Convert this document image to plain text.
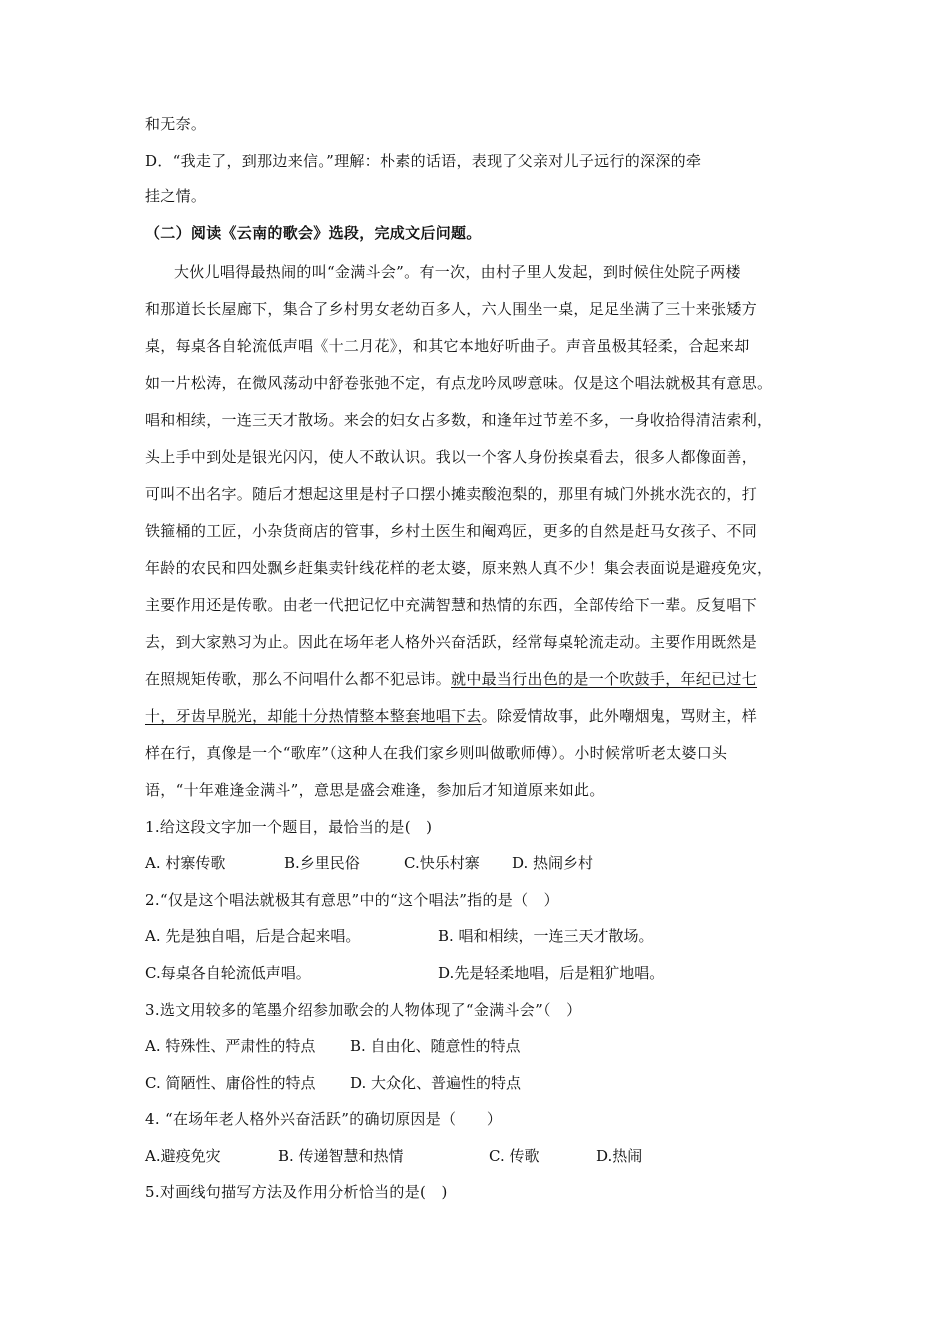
和无奈。
D．“我走了，到那边来信。”理解：朴素的话语，表现了父亲对儿子远行的深深的牵
挂之情。
（二）阅读《云南的歌会》选段，完成文后问题。
大伙儿唱得最热闹的叫“金满斗会”。有一次，由村子里人发起，到时候住处院子两楼
和那道长长屋廊下，集合了乡村男女老幼百多人，六人围坐一桌，足足坐满了三十来张矮方
桌，每桌各自轮流低声唱《十二月花》，和其它本地好听曲子。声音虽极其轻柔，合起来却
如一片松涛，在微风荡动中舒卷张弛不定，有点龙吟凤哕意味。仅是这个唱法就极其有意思。
唱和相续，一连三天才散场。来会的妇女占多数，和逢年过节差不多，一身收拾得清洁索利，
头上手中到处是银光闪闪，使人不敢认识。我以一个客人身份挨桌看去，很多人都像面善，
可叫不出名字。随后才想起这里是村子口摆小摊卖酸泡梨的，那里有城门外挑水洗衣的，打
铁箍桶的工匠，小杂货商店的管事，乡村土医生和阉鸡匠，更多的自然是赶马女孩子、不同
年龄的农民和四处飘乡赶集卖针线花样的老太婆，原来熟人真不少！集会表面说是避疫免灾，
主要作用还是传歌。由老一代把记忆中充满智慧和热情的东西，全部传给下一辈。反复唱下
去，到大家熟习为止。因此在场年老人格外兴奋活跃，经常每桌轮流走动。主要作用既然是
在照规矩传歌，那么不问唱什么都不犯忌讳。就中最当行出色的是一个吹鼓手，年纪已过七
十，牙齿早脱光，却能十分热情整本整套地唱下去。除爱情故事，此外嘲烟鬼，骂财主，样
样在行，真像是一个“歌库”（这种人在我们家乡则叫做歌师傅）。小时候常听老太婆口头
语，“十年难逢金满斗”，意思是盛会难逢，参加后才知道原来如此。
1.给这段文字加一个题目，最恰当的是(　)
A. 村寨传歌	B.乡里民俗	C.快乐村寨 D. 热闹乡村
2.“仅是这个唱法就极其有意思”中的“这个唱法”指的是（　）
A. 先是独自唱，后是合起来唱。	B. 唱和相续，一连三天才散场。
C.每桌各自轮流低声唱。	D.先是轻柔地唱，后是粗犷地唱。
3.选文用较多的笔墨介绍参加歌会的人物体现了“金满斗会”（　）
A. 特殊性、严肃性的特点 B. 自由化、随意性的特点
C. 简陋性、庸俗性的特点 D. 大众化、普遍性的特点
4. “在场年老人格外兴奋活跃”的确切原因是（　　）
A.避疫免灾	B. 传递智慧和热情	C. 传歌	D.热闹
5.对画线句描写方法及作用分析恰当的是(　)
